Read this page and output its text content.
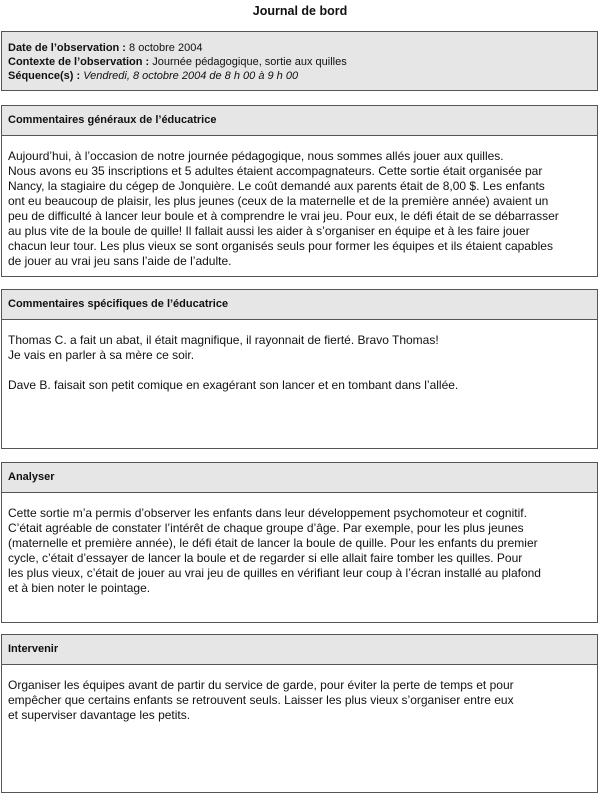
Journal de bord
Date de l’observation : 8 octobre 2004
Contexte de l’observation : Journée pédagogique, sortie aux quilles
Séquence(s) : Vendredi, 8 octobre 2004 de 8 h 00 à 9 h 00
Commentaires généraux de l’éducatrice

Aujourd’hui, à l’occasion de notre journée pédagogique, nous sommes allés jouer aux quilles.

Nous avons eu 35 inscriptions et 5 adultes étaient accompagnateurs. Cette sortie était organisée par

Nancy, la stagiaire du cégep de Jonquière. Le coût demandé aux parents était de 8,00 $. Les enfants

ont eu beaucoup de plaisir, les plus jeunes (ceux de la maternelle et de la première année) avaient un

peu de difficulté à lancer leur boule et à comprendre le vrai jeu. Pour eux, le défi était de se débarrasser

au plus vite de la boule de quille! Il fallait aussi les aider à s’organiser en équipe et à les faire jouer

chacun leur tour. Les plus vieux se sont organisés seuls pour former les équipes et ils étaient capables

de jouer au vrai jeu sans l’aide de l’adulte.

Commentaires spécifiques de l’éducatrice

Thomas C. a fait un abat, il était magnifique, il rayonnait de fierté. Bravo Thomas!

Je vais en parler à sa mère ce soir.

Dave B. faisait son petit comique en exagérant son lancer et en tombant dans l’allée.

Analyser

Cette sortie m’a permis d’observer les enfants dans leur développement psychomoteur et cognitif.

C’était agréable de constater l’intérêt de chaque groupe d’âge. Par exemple, pour les plus jeunes

(maternelle et première année), le défi était de lancer la boule de quille. Pour les enfants du premier

cycle, c’était d’essayer de lancer la boule et de regarder si elle allait faire tomber les quilles. Pour

les plus vieux, c’était de jouer au vrai jeu de quilles en vérifiant leur coup à l’écran installé au plafond

et à bien noter le pointage.

Intervenir

Organiser les équipes avant de partir du service de garde, pour éviter la perte de temps et pour

empêcher que certains enfants se retrouvent seuls. Laisser les plus vieux s’organiser entre eux

et superviser davantage les petits.
